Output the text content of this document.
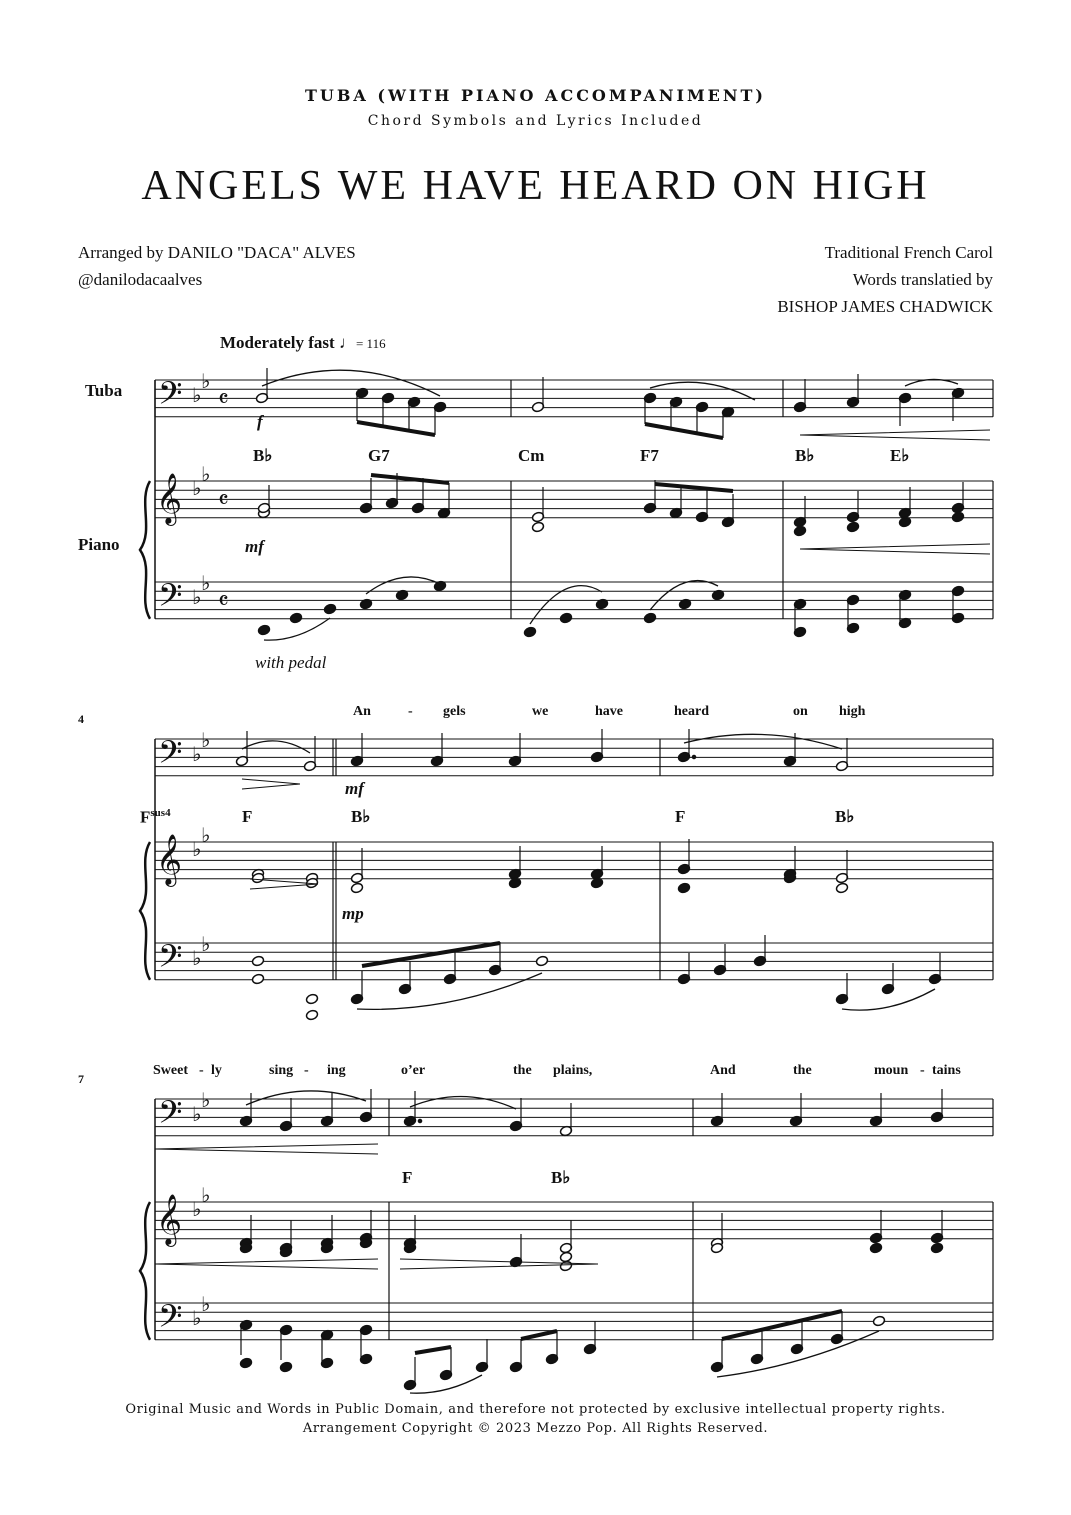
TUBA (WITH PIANO ACCOMPANIMENT)
Chord Symbols and Lyrics Included
ANGELS WE HAVE HEARD ON HIGH
Arranged by DANILO "DACA" ALVES
@danilodacaalves
Traditional French Carol
Words translatied by
BISHOP JAMES CHADWICK
Moderately fast ♩= 116
Tuba
Piano
B♭	G7	Cm	F7	B♭	E♭
f
mf
with pedal
4	An	- gels	we	have	heard	on high
mf
mp
$F^{sus4}$	F	B♭	F	B♭
7
Sweet - ly	sing - ing	o’er	the plains,	And	the	moun - tains
F	B♭
Original Music and Words in Public Domain, and therefore not protected by exclusive intellectual property rights.
Arrangement Copyright © 2023 Mezzo Pop. All Rights Reserved.
𝄢 ♭
♭
𝄴
𝄞 ♭
♭
𝄴
𝄢 ♭
♭
𝄴
𝄢 ♭
♭
𝄞 ♭
♭
𝄢 ♭
♭
𝄢 ♭
♭
𝄞 ♭
♭
𝄢 ♭
♭
